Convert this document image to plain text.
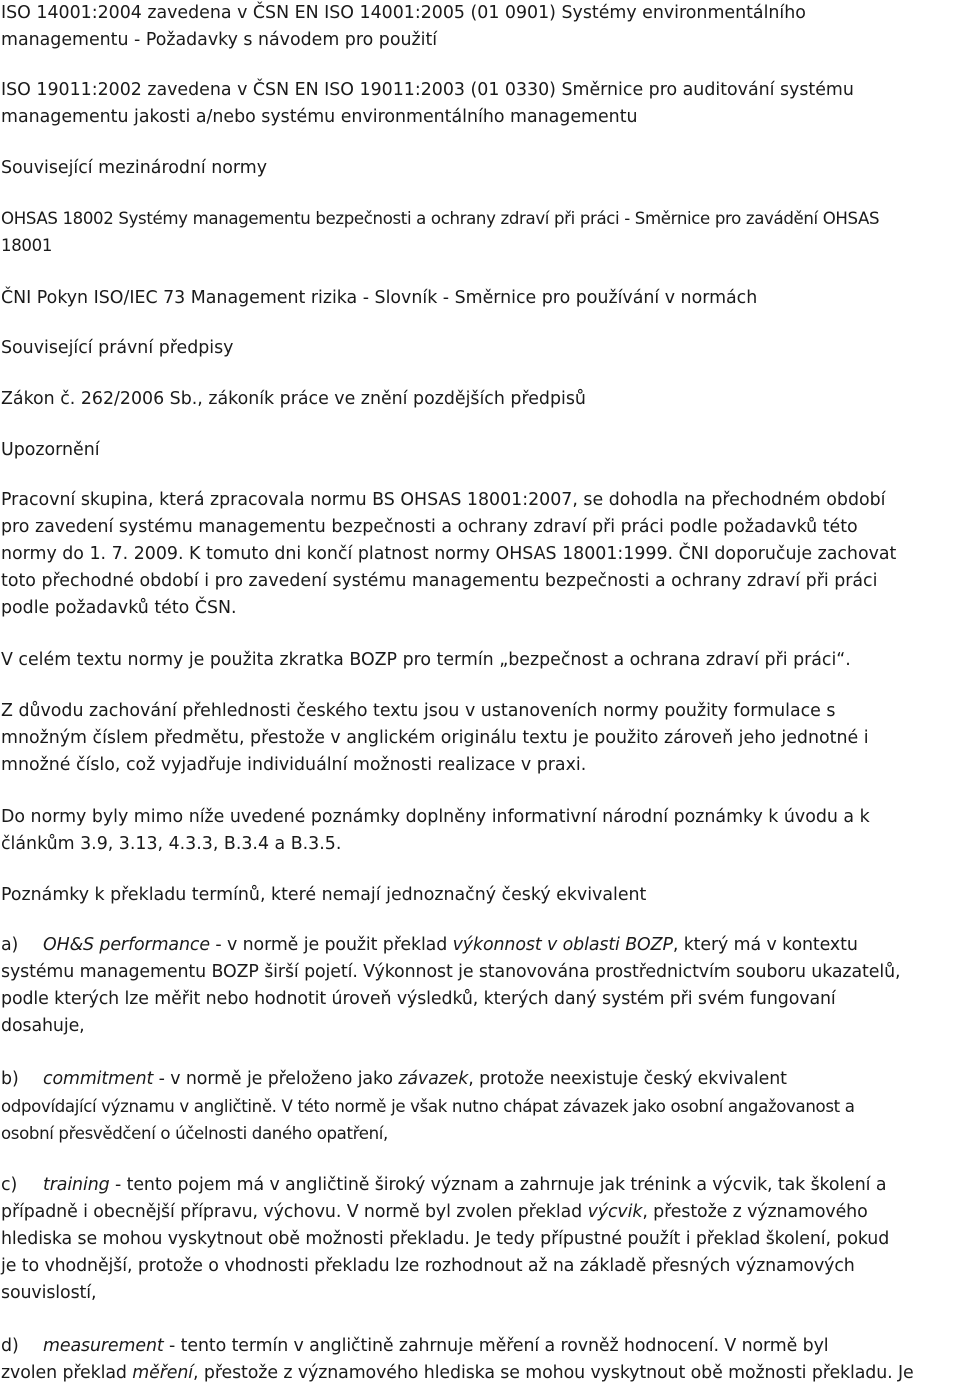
ISO 14001:2004 zavedena v ČSN EN ISO 14001:2005 (01 0901) Systémy environmentálního
managementu - Požadavky s návodem pro použití

ISO 19011:2002 zavedena v ČSN EN ISO 19011:2003 (01 0330) Směrnice pro auditování systému
managementu jakosti a/nebo systému environmentálního managementu

Související mezinárodní normy

OHSAS 18002 Systémy managementu bezpečnosti a ochrany zdraví při práci - Směrnice pro zavádění OHSAS
18001

ČNI Pokyn ISO/IEC 73 Management rizika - Slovník - Směrnice pro používání v normách

Související právní předpisy

Zákon č. 262/2006 Sb., zákoník práce ve znění pozdějších předpisů

Upozornění

Pracovní skupina, která zpracovala normu BS OHSAS 18001:2007, se dohodla na přechodném období
pro zavedení systému managementu bezpečnosti a ochrany zdraví při práci podle požadavků této
normy do 1. 7. 2009. K tomuto dni končí platnost normy OHSAS 18001:1999. ČNI doporučuje zachovat
toto přechodné období i pro zavedení systému managementu bezpečnosti a ochrany zdraví při práci
podle požadavků této ČSN.

V celém textu normy je použita zkratka BOZP pro termín „bezpečnost a ochrana zdraví při práci“.

Z důvodu zachování přehlednosti českého textu jsou v ustanoveních normy použity formulace s
množným číslem předmětu, přestože v anglickém originálu textu je použito zároveň jeho jednotné i
množné číslo, což vyjadřuje individuální možnosti realizace v praxi.

Do normy byly mimo níže uvedené poznámky doplněny informativní národní poznámky k úvodu a k
článkům 3.9, 3.13, 4.3.3, B.3.4 a B.3.5.

Poznámky k překladu termínů, které nemají jednoznačný český ekvivalent

a) OH&S performance - v normě je použit překlad výkonnost v oblasti BOZP, který má v kontextu
systému managementu BOZP širší pojetí. Výkonnost je stanovována prostřednictvím souboru ukazatelů,
podle kterých lze měřit nebo hodnotit úroveň výsledků, kterých daný systém při svém fungovaní
dosahuje,
b) commitment - v normě je přeloženo jako závazek, protože neexistuje český ekvivalent
odpovídající významu v angličtině. V této normě je však nutno chápat závazek jako osobní angažovanost a
osobní přesvědčení o účelnosti daného opatření,
c) training - tento pojem má v angličtině široký význam a zahrnuje jak trénink a výcvik, tak školení a
případně i obecnější přípravu, výchovu. V normě byl zvolen překlad výcvik, přestože z významového
hlediska se mohou vyskytnout obě možnosti překladu. Je tedy přípustné použít i překlad školení, pokud
je to vhodnější, protože o vhodnosti překladu lze rozhodnout až na základě přesných významových
souvislostí,
d) measurement - tento termín v angličtině zahrnuje měření a rovněž hodnocení. V normě byl
zvolen překlad měření, přestože z významového hlediska se mohou vyskytnout obě možnosti překladu. Je
